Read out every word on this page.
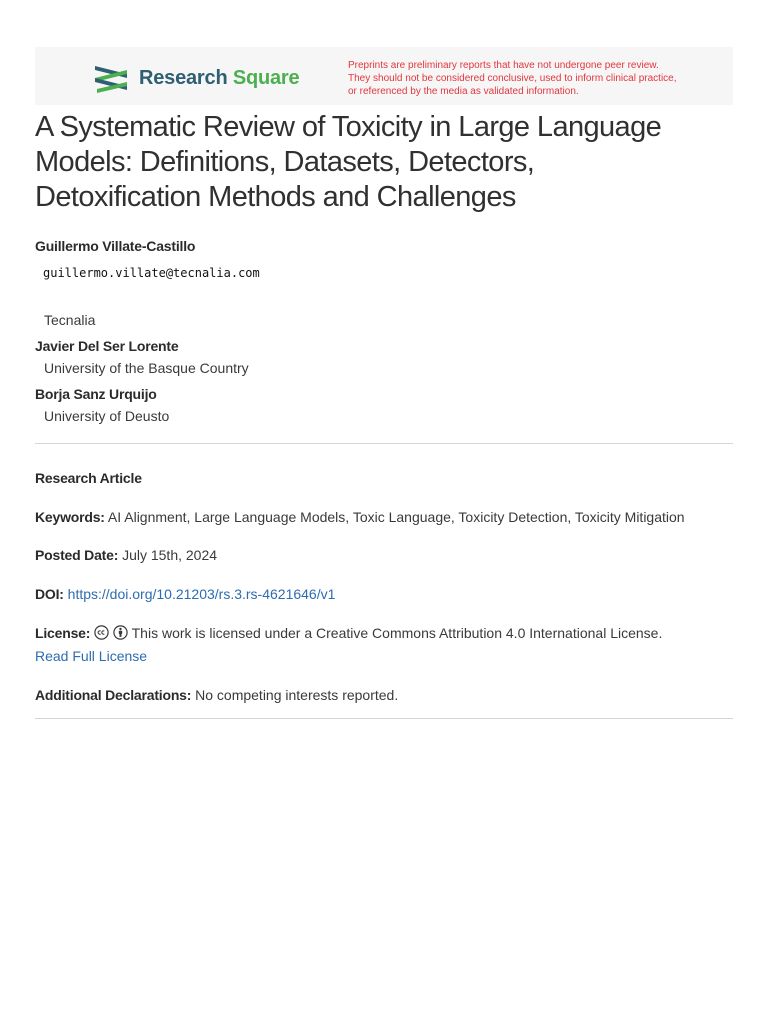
Research Square
Preprints are preliminary reports that have not undergone peer review.
They should not be considered conclusive, used to inform clinical practice,
or referenced by the media as validated information.
A Systematic Review of Toxicity in Large Language
Models: Definitions, Datasets, Detectors,
Detoxification Methods and Challenges
Guillermo Villate-Castillo
guillermo.villate@tecnalia.com
Tecnalia
Javier Del Ser Lorente
University of the Basque Country
Borja Sanz Urquijo
University of Deusto
Research Article
Keywords: AI Alignment, Large Language Models, Toxic Language, Toxicity Detection, Toxicity Mitigation
Posted Date: July 15th, 2024
DOI: https://doi.org/10.21203/rs.3.rs-4621646/v1
License:	This work is licensed under a Creative Commons Attribution 4.0 International License.
Read Full License
Additional Declarations: No competing interests reported.
